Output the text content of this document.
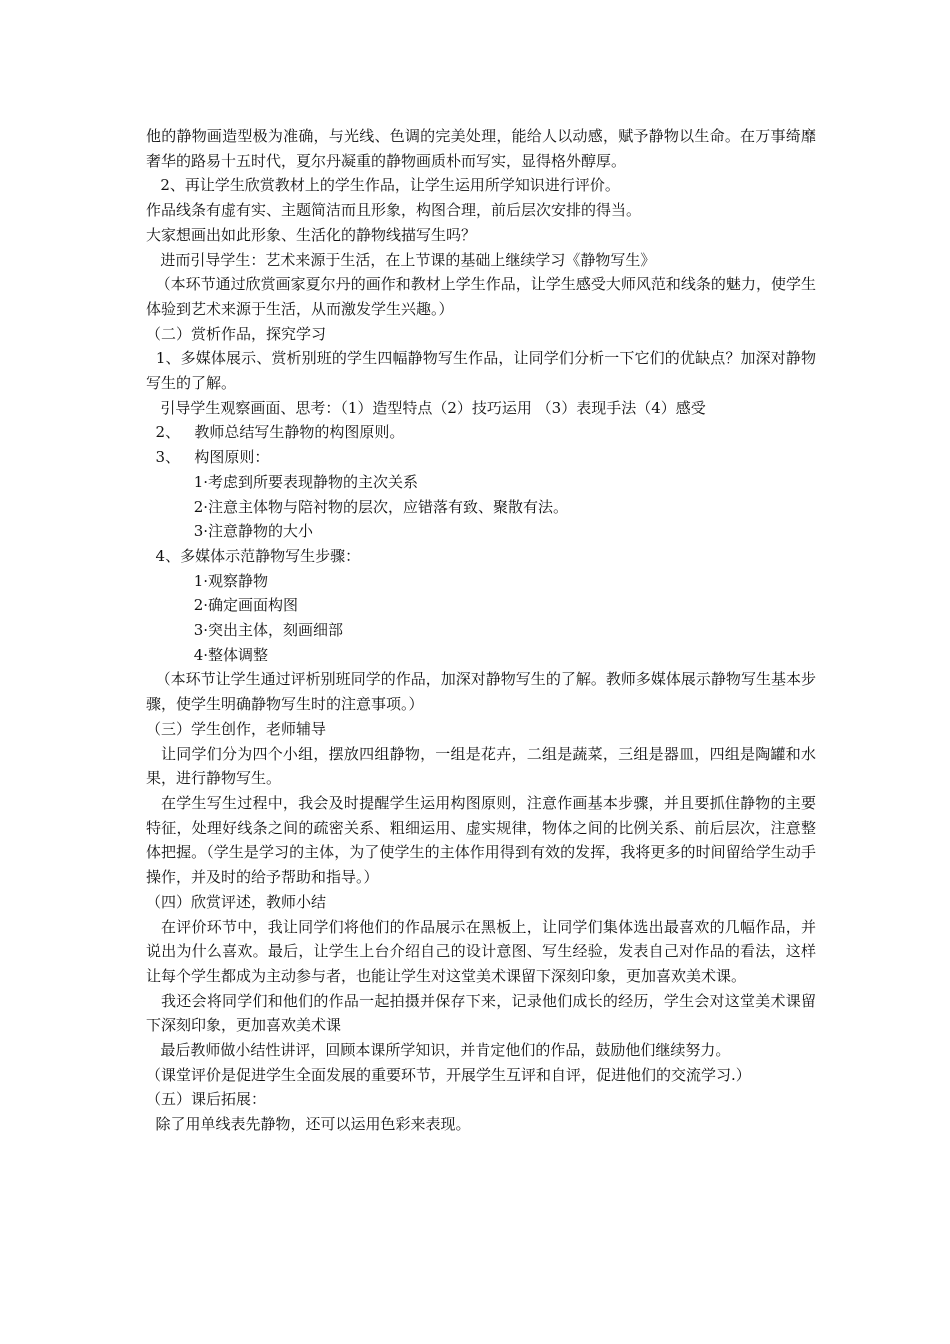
他的静物画造型极为准确，与光线、色调的完美处理，能给人以动感，赋予静物以生命。在万事绮靡奢华的路易十五时代，夏尔丹凝重的静物画质朴而写实，显得格外醇厚。

2、再让学生欣赏教材上的学生作品，让学生运用所学知识进行评价。

作品线条有虚有实、主题简洁而且形象，构图合理，前后层次安排的得当。

大家想画出如此形象、生活化的静物线描写生吗？

进而引导学生：艺术来源于生活，在上节课的基础上继续学习《静物写生》

（本环节通过欣赏画家夏尔丹的画作和教材上学生作品，让学生感受大师风范和线条的魅力，使学生体验到艺术来源于生活，从而激发学生兴趣。）

（二）赏析作品，探究学习

1、多媒体展示、赏析别班的学生四幅静物写生作品，让同学们分析一下它们的优缺点？加深对静物写生的了解。

引导学生观察画面、思考：（1）造型特点（2）技巧运用 （3）表现手法（4）感受

2、   教师总结写生静物的构图原则。

3、   构图原则：

1·考虑到所要表现静物的主次关系

2·注意主体物与陪衬物的层次，应错落有致、聚散有法。

3·注意静物的大小

4、多媒体示范静物写生步骤：

1·观察静物

2·确定画面构图

3·突出主体，刻画细部

4·整体调整

（本环节让学生通过评析别班同学的作品，加深对静物写生的了解。教师多媒体展示静物写生基本步骤，使学生明确静物写生时的注意事项。）

（三）学生创作，老师辅导

让同学们分为四个小组，摆放四组静物，一组是花卉，二组是蔬菜，三组是器皿，四组是陶罐和水果，进行静物写生。

在学生写生过程中，我会及时提醒学生运用构图原则，注意作画基本步骤，并且要抓住静物的主要特征，处理好线条之间的疏密关系、粗细运用、虚实规律，物体之间的比例关系、前后层次，注意整体把握。（学生是学习的主体，为了使学生的主体作用得到有效的发挥，我将更多的时间留给学生动手操作，并及时的给予帮助和指导。）

（四）欣赏评述，教师小结

在评价环节中，我让同学们将他们的作品展示在黑板上，让同学们集体选出最喜欢的几幅作品，并说出为什么喜欢。最后，让学生上台介绍自己的设计意图、写生经验，发表自己对作品的看法，这样让每个学生都成为主动参与者，也能让学生对这堂美术课留下深刻印象，更加喜欢美术课。

我还会将同学们和他们的作品一起拍摄并保存下来，记录他们成长的经历，学生会对这堂美术课留下深刻印象，更加喜欢美术课

最后教师做小结性讲评，回顾本课所学知识，并肯定他们的作品，鼓励他们继续努力。

（课堂评价是促进学生全面发展的重要环节，开展学生互评和自评，促进他们的交流学习.）

（五）课后拓展：

除了用单线表先静物，还可以运用色彩来表现。
